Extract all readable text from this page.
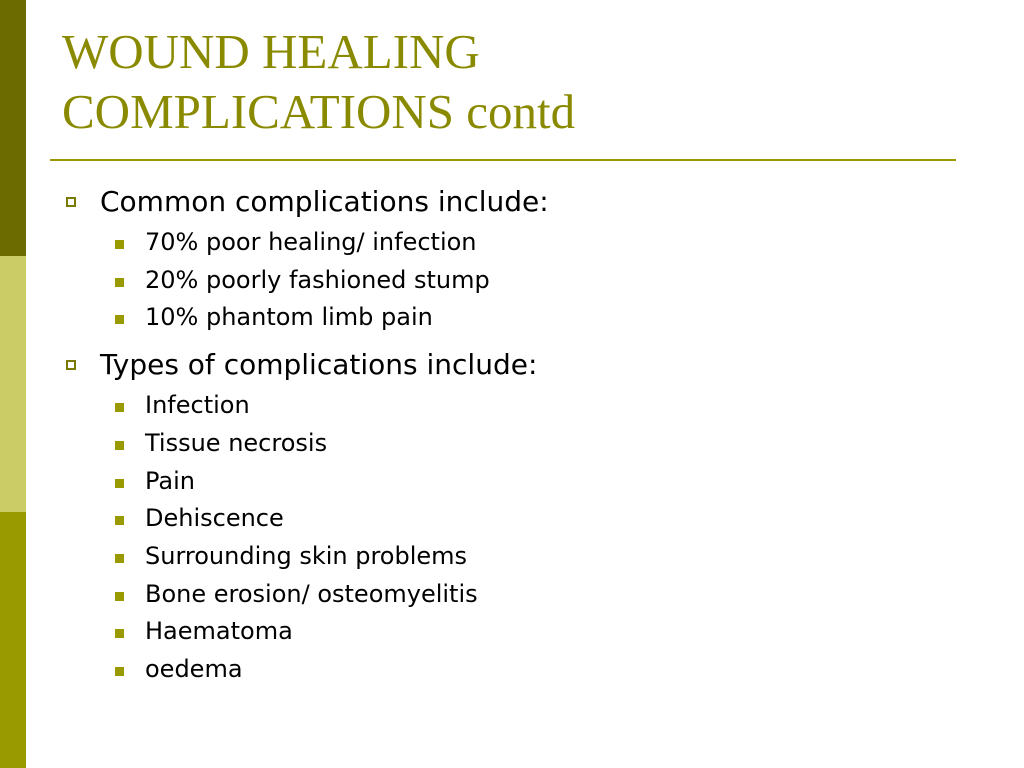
WOUND HEALING
COMPLICATIONS contd
Common complications include:
70% poor healing/ infection
20% poorly fashioned stump
10% phantom limb pain
Types of complications include:
Infection
Tissue necrosis
Pain
Dehiscence
Surrounding skin problems
Bone erosion/ osteomyelitis
Haematoma
oedema
